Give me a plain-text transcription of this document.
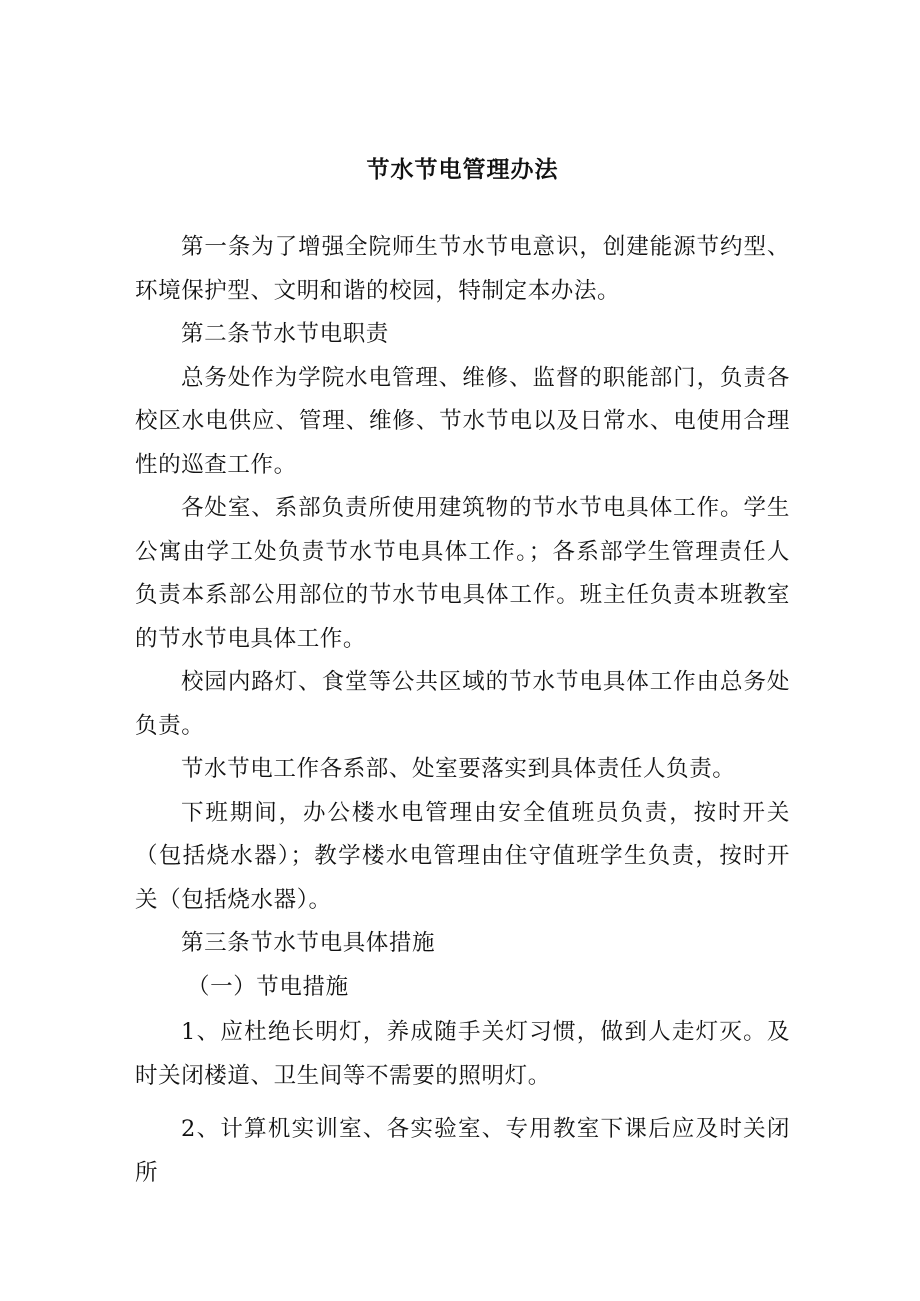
节水节电管理办法

第一条为了增强全院师生节水节电意识，创建能源节约型、环境保护型、文明和谐的校园，特制定本办法。

第二条节水节电职责

总务处作为学院水电管理、维修、监督的职能部门，负责各校区水电供应、管理、维修、节水节电以及日常水、电使用合理性的巡查工作。

各处室、系部负责所使用建筑物的节水节电具体工作。学生公寓由学工处负责节水节电具体工作。；各系部学生管理责任人负责本系部公用部位的节水节电具体工作。班主任负责本班教室的节水节电具体工作。

校园内路灯、食堂等公共区域的节水节电具体工作由总务处负责。

节水节电工作各系部、处室要落实到具体责任人负责。

下班期间，办公楼水电管理由安全值班员负责，按时开关（包括烧水器）；教学楼水电管理由住守值班学生负责，按时开关（包括烧水器）。

第三条节水节电具体措施

（一）节电措施

1、应杜绝长明灯，养成随手关灯习惯，做到人走灯灭。及时关闭楼道、卫生间等不需要的照明灯。

2、计算机实训室、各实验室、专用教室下课后应及时关闭所
